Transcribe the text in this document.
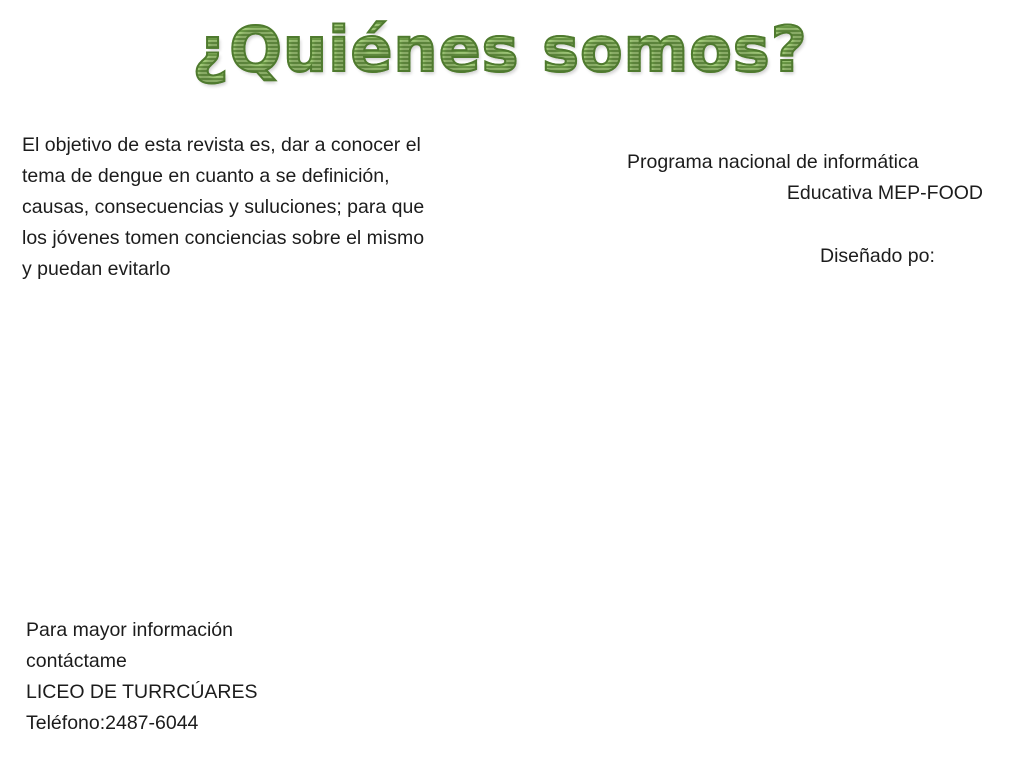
¿Quiénes somos?
El objetivo de esta revista es, dar a conocer el tema de dengue en cuanto a se definición, causas, consecuencias y suluciones; para que los jóvenes tomen conciencias sobre el mismo y puedan evitarlo
Programa nacional de informática
Educativa MEP-FOOD
Diseñado po:
Para mayor información
contáctame
LICEO DE TURRCÚARES
Teléfono:2487-6044
